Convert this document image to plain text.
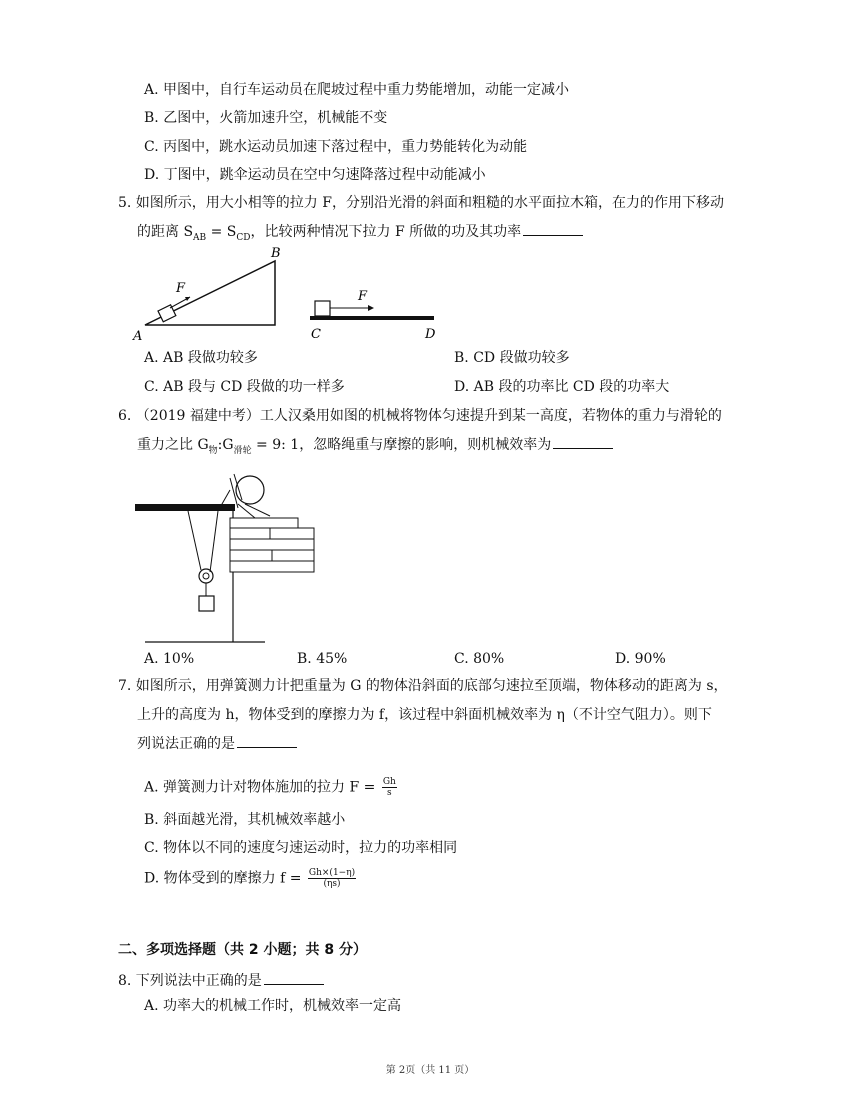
A. 甲图中，自行车运动员在爬坡过程中重力势能增加，动能一定减小
B. 乙图中，火箭加速升空，机械能不变
C. 丙图中，跳水运动员加速下落过程中，重力势能转化为动能
D. 丁图中，跳伞运动员在空中匀速降落过程中动能减小
5. 如图所示，用大小相等的拉力 F，分别沿光滑的斜面和粗糙的水平面拉木箱，在力的作用下移动
的距离 $S_{AB} = S_{CD}$，比较两种情况下拉力 F 所做的功及其功率
F
A
B
F
C	D
A. AB 段做功较多	B. CD 段做功较多
C. AB 段与 CD 段做的功一样多	D. AB 段的功率比 CD 段的功率大
6. （2019 福建中考）工人汉桑用如图的机械将物体匀速提升到某一高度，若物体的重力与滑轮的
重力之比 $G_物:G_{滑轮} = 9$: 1，忽略绳重与摩擦的影响，则机械效率为
A. 10%	B. 45%	C. 80%	D. 90%
7. 如图所示，用弹簧测力计把重量为 G 的物体沿斜面的底部匀速拉至顶端，物体移动的距离为 s，
上升的高度为 h，物体受到的摩擦力为 f，该过程中斜面机械效率为 η（不计空气阻力）。则下
列说法正确的是
A. 弹簧测力计对物体施加的拉力 $F = \frac{Gh}{s}$
B. 斜面越光滑，其机械效率越小
C. 物体以不同的速度匀速运动时，拉力的功率相同
D. 物体受到的摩擦力 $f = \frac{Gh\times(1-\eta)}{(\eta s)}$
二、多项选择题（共 2 小题；共 8 分）
8. 下列说法中正确的是
A. 功率大的机械工作时，机械效率一定高
第 2页（共 11 页）
